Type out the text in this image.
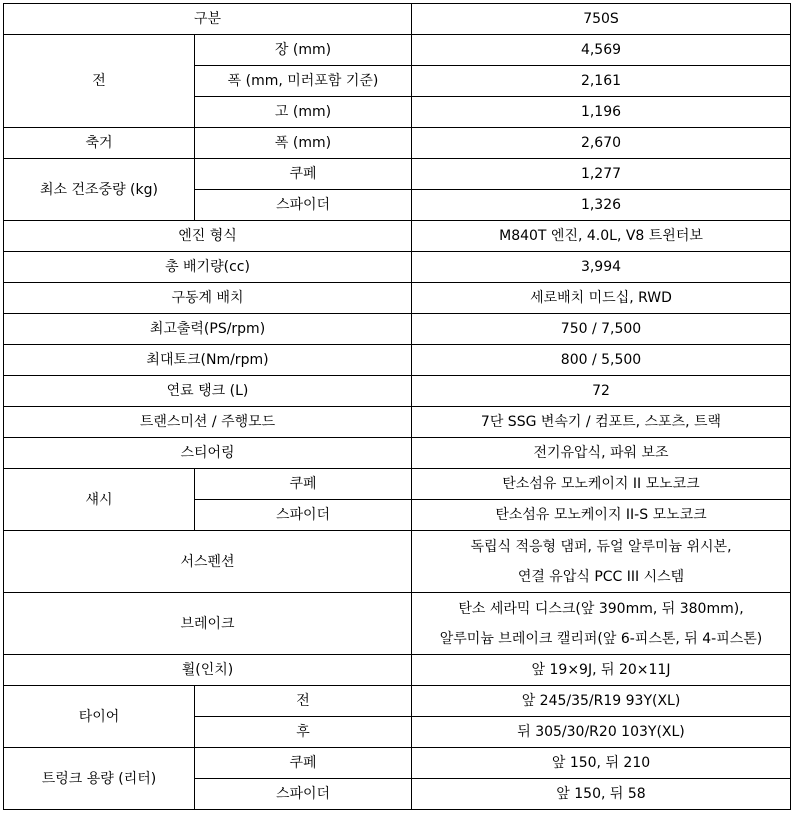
구분		750S
전	장 (mm)	4,569
	폭 (mm, 미러포함 기준)	2,161
	고 (mm)	1,196
축거	폭 (mm)	2,670
최소 건조중량 (kg)	쿠페	1,277
	스파이더	1,326
엔진 형식		M840T 엔진, 4.0L, V8 트윈터보
총 배기량(cc)		3,994
구동계 배치		세로배치 미드십, RWD
최고출력(PS/rpm)		750 / 7,500
최대토크(Nm/rpm)		800 / 5,500
연료 탱크 (L)		72
트랜스미션 / 주행모드		7단 SSG 변속기 / 컴포트, 스포츠, 트랙
스티어링		전기유압식, 파워 보조
섀시	쿠페	탄소섬유 모노케이지 II 모노코크
	스파이더	탄소섬유 모노케이지 II-S 모노코크
서스펜션		독립식 적응형 댐퍼, 듀얼 알루미늄 위시본,
연결 유압식 PCC III 시스템

브레이크		탄소 세라믹 디스크(앞 390mm, 뒤 380mm),
알루미늄 브레이크 캘리퍼(앞 6-피스톤, 뒤 4-피스톤)

휠(인치)		앞 19×9J, 뒤 20×11J
타이어	전	앞 245/35/R19 93Y(XL)
	후	뒤 305/30/R20 103Y(XL)
트렁크 용량 (리터)	쿠페	앞 150, 뒤 210
	스파이더	앞 150, 뒤 58
